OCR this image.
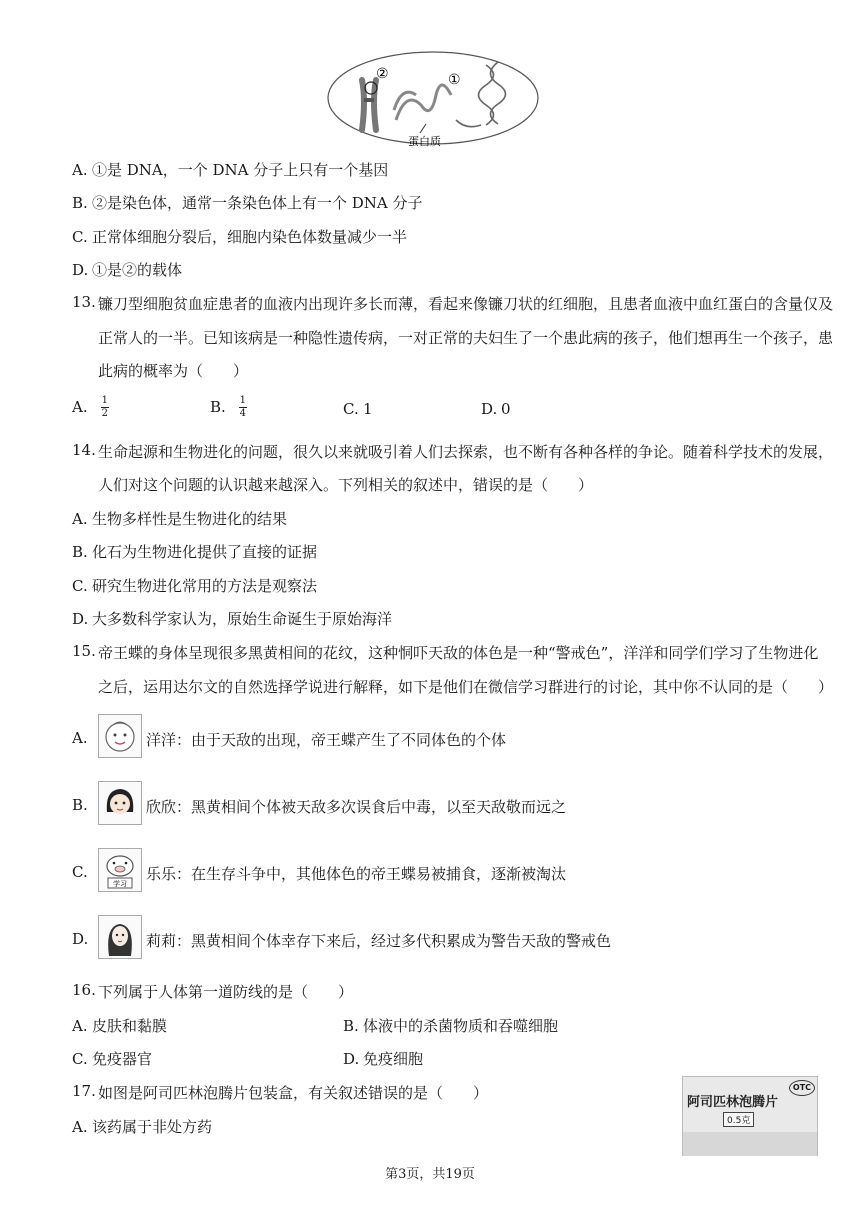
②	①
蛋白质
A. ①是 DNA，一个 DNA 分子上只有一个基因
B. ②是染色体，通常一条染色体上有一个 DNA 分子
C. 正常体细胞分裂后，细胞内染色体数量减少一半
D. ①是②的载体
13. 镰刀型细胞贫血症患者的血液内出现许多长而薄，看起来像镰刀状的红细胞，且患者血液中血红蛋白的含量仅及
正常人的一半。已知该病是一种隐性遗传病，一对正常的夫妇生了一个患此病的孩子，他们想再生一个孩子，患
此病的概率为（　　）
A. $\frac{1}{2}$	B. $\frac{1}{4}$	C. 1	D. 0
14. 生命起源和生物进化的问题，很久以来就吸引着人们去探索，也不断有各种各样的争论。随着科学技术的发展，
人们对这个问题的认识越来越深入。下列相关的叙述中，错误的是（　　）
A. 生物多样性是生物进化的结果
B. 化石为生物进化提供了直接的证据
C. 研究生物进化常用的方法是观察法
D. 大多数科学家认为，原始生命诞生于原始海洋
15. 帝王蝶的身体呈现很多黑黄相间的花纹，这种恫吓天敌的体色是一种“警戒色”，洋洋和同学们学习了生物进化
之后，运用达尔文的自然选择学说进行解释，如下是他们在微信学习群进行的讨论，其中你不认同的是（　　）
A.	洋洋：由于天敌的出现，帝王蝶产生了不同体色的个体
B.	欣欣：黑黄相间个体被天敌多次误食后中毒，以至天敌敬而远之
C.
学习
乐乐：在生存斗争中，其他体色的帝王蝶易被捕食，逐渐被淘汰
D.	莉莉：黑黄相间个体幸存下来后，经过多代积累成为警告天敌的警戒色
16. 下列属于人体第一道防线的是（　　）
A. 皮肤和黏膜	B. 体液中的杀菌物质和吞噬细胞
C. 免疫器官	D. 免疫细胞
17. 如图是阿司匹林泡腾片包装盒，有关叙述错误的是（　　）
A. 该药属于非处方药
阿司匹林泡腾片
OTC
0.5克
第3页，共19页
